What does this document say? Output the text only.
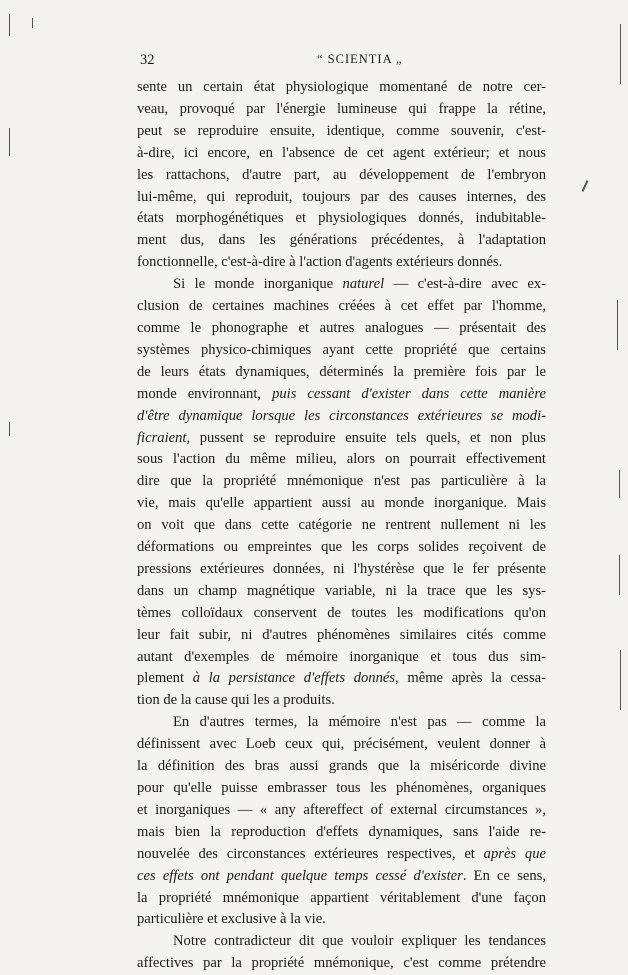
32	“ SCIENTIA „
sente un certain état physiologique momentané de notre cer-
veau, provoqué par l'énergie lumineuse qui frappe la rétine,
peut se reproduire ensuite, identique, comme souvenir, c'est-
à-dire, ici encore, en l'absence de cet agent extérieur; et nous
les rattachons, d'autre part, au développement de l'embryon
lui-même, qui reproduit, toujours par des causes internes, des
états morphogénétiques et physiologiques donnés, indubitable-
ment dus, dans les générations précédentes, à l'adaptation
fonctionnelle, c'est-à-dire à l'action d'agents extérieurs donnés.
Si le monde inorganique naturel — c'est-à-dire avec ex-
clusion de certaines machines créées à cet effet par l'homme,
comme le phonographe et autres analogues — présentait des
systèmes physico-chimiques ayant cette propriété que certains
de leurs états dynamiques, déterminés la première fois par le
monde environnant, puis cessant d'exister dans cette manière
d'être dynamique lorsque les circonstances extérieures se modi-
ficraient, pussent se reproduire ensuite tels quels, et non plus
sous l'action du même milieu, alors on pourrait effectivement
dire que la propriété mnémonique n'est pas particulière à la
vie, mais qu'elle appartient aussi au monde inorganique. Mais
on voit que dans cette catégorie ne rentrent nullement ni les
déformations ou empreintes que les corps solides reçoivent de
pressions extérieures données, ni l'hystérèse que le fer présente
dans un champ magnétique variable, ni la trace que les sys-
tèmes colloïdaux conservent de toutes les modifications qu'on
leur fait subir, ni d'autres phénomènes similaires cités comme
autant d'exemples de mémoire inorganique et tous dus sim-
plement à la persistance d'effets donnés, même après la cessa-
tion de la cause qui les a produits.
En d'autres termes, la mémoire n'est pas — comme la
définissent avec Loeb ceux qui, précisément, veulent donner à
la définition des bras aussi grands que la miséricorde divine
pour qu'elle puisse embrasser tous les phénomènes, organiques
et inorganiques — « any aftereffect of external circumstances »,
mais bien la reproduction d'effets dynamiques, sans l'aide re-
nouvelée des circonstances extérieures respectives, et après que
ces effets ont pendant quelque temps cessé d'exister. En ce sens,
la propriété mnémonique appartient véritablement d'une façon
particulière et exclusive à la vie.
Notre contradicteur dit que vouloir expliquer les tendances
affectives par la propriété mnémonique, c'est comme prétendre
